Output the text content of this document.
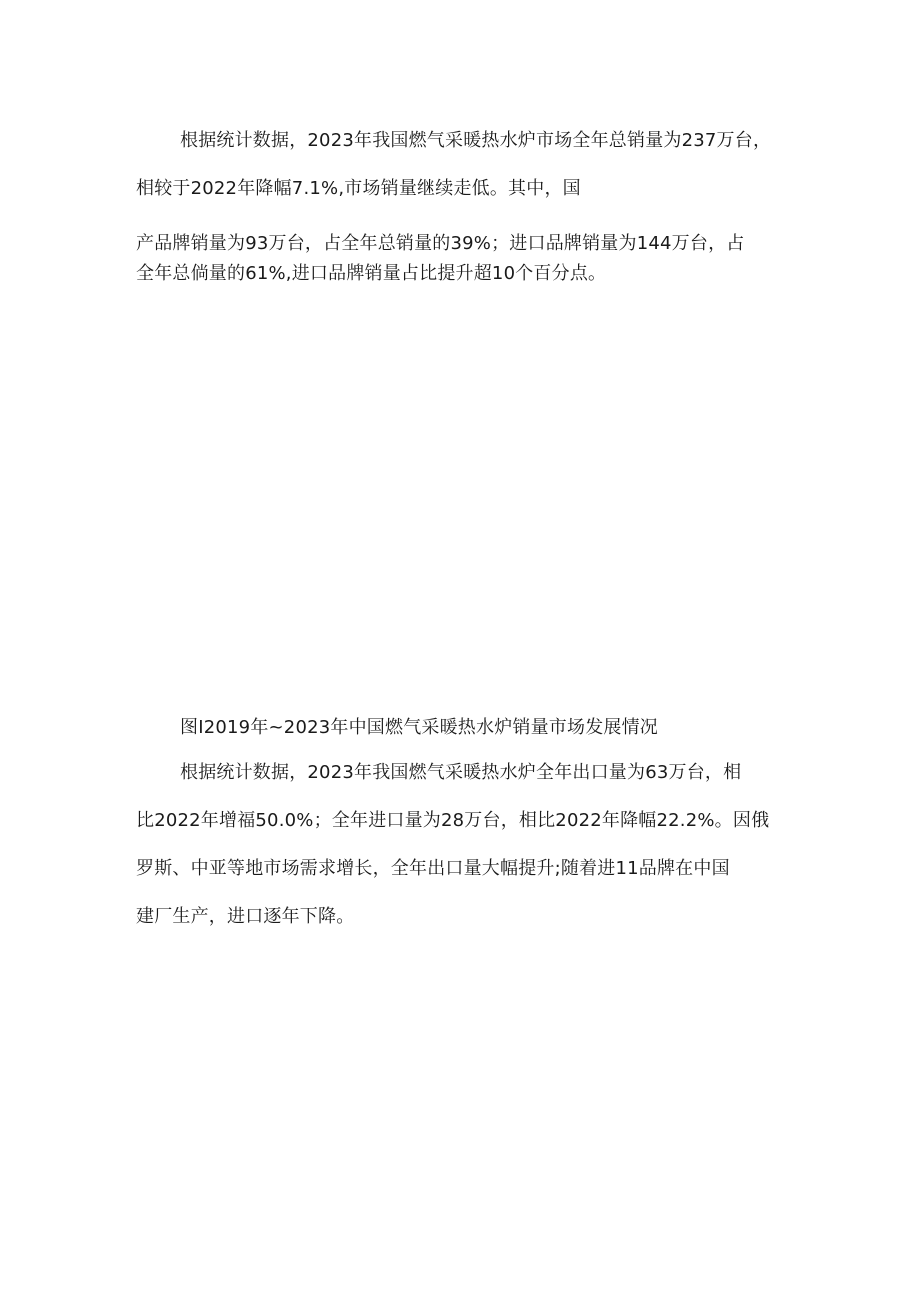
根据统计数据，2023年我国燃气采暖热水炉市场全年总销量为237万台，
相较于2022年降幅7.1%,市场销量继续走低。其中，国
产品牌销量为93万台，占全年总销量的39%；进口品牌销量为144万台，占
全年总倘量的61%,进口品牌销量占比提升超10个百分点。
图I2019年~2023年中国燃气采暖热水炉销量市场发展情况
根据统计数据，2023年我国燃气采暖热水炉全年出口量为63万台，相
比2022年增福50.0%；全年进口量为28万台，相比2022年降幅22.2%。因俄
罗斯、中亚等地市场需求增长，全年出口量大幅提升;随着进11品牌在中国
建厂生产，进口逐年下降。
